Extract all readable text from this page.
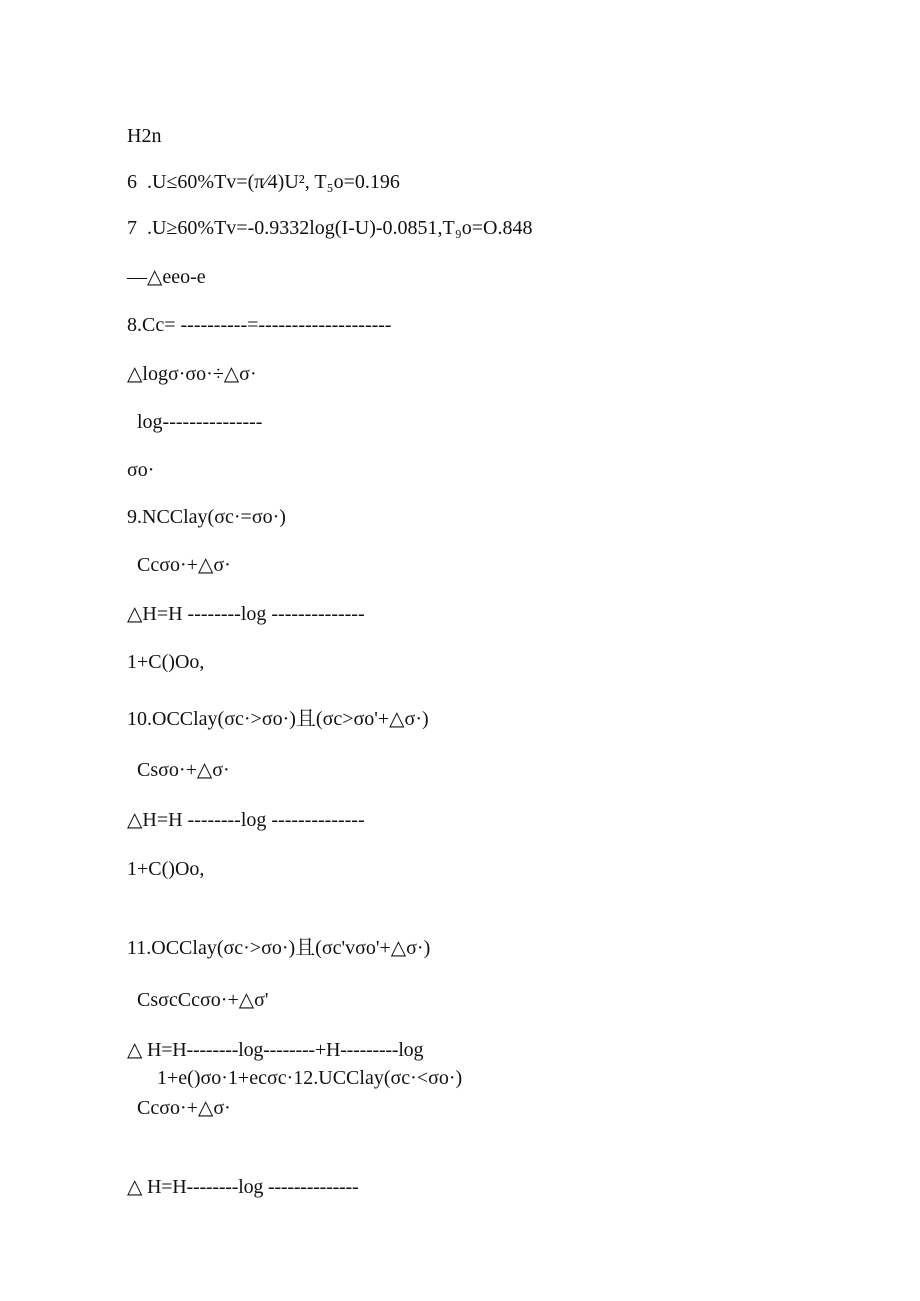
H2n

6  .U≤60%Tv=(π∕4)U², T₅o=0.196

7  .U≥60%Tv=-0.9332log(I-U)-0.0851,T₉o=O.848

—△eeo-e

8.Cc= ----------=--------------------

△logσ·σo·÷△σ·

log---------------

σo·

9.NCClay(σc·=σo·)

Ccσo·+△σ·

△H=H --------log --------------

1+C()Oo,

10.OCClay(σc·>σo·)且(σc>σo'+△σ·)

Csσo·+△σ·

△H=H --------log --------------

1+C()Oo,

11.OCClay(σc·>σo·)且(σc'vσo'+△σ·)

CsσcCcσo·+△σ'

△ H=H--------log--------+H---------log

1+e()σo·1+ecσc·12.UCClay(σc·<σo·)

Ccσo·+△σ·

△ H=H--------log --------------
